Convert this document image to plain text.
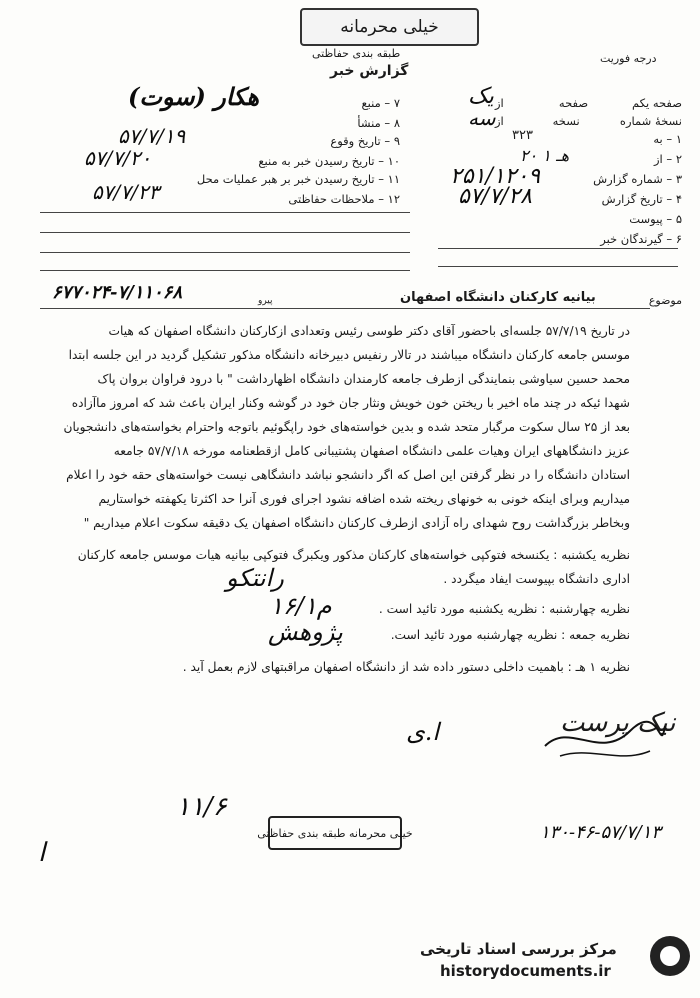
خیلی محرمانه
طبقه بندی حفاظتی
گزارش خبر
درجه فوریت
صفحه یکم            صفحه
یک از
نسخهٔ شماره           نسخه
سه از
۱ – به
۳۲۳
۲ – از
۲۰ هـ ۱
۳ – شماره گزارش
۲۵۱/۱۲۰۹
۴ – تاریخ گزارش
۵۷/۷/۲۸
۵ – پیوست
۶ – گیرندگان خبر
۷ – منبع
هکار (سوت)
۸ – منشأ
۹ – تاریخ وقوع
۵۷/۷/۱۹
۱۰ – تاریخ رسیدن خبر به منبع
۵۷/۷/۲۰
۱۱ – تاریخ رسیدن خبر بر هبر عملیات محل
۱۲ – ملاحظات حفاظتی
۵۷/۷/۲۳
موضوع
بیانیه کارکنان دانشگاه اصفهان
۶۷۷۰۲۴-۷/۱۱۰۶۸	پیرو
در تاریخ ۵۷/۷/۱۹ جلسه‌ای باحضور آقای دکتر طوسی رئیس وتعدادی ازکارکنان دانشگاه اصفهان که هیات
موسس جامعه کارکنان دانشگاه میباشند در تالار رنفیس دبیرخانه دانشگاه مذکور تشکیل گردید در این جلسه ابتدا
محمد حسین سیاوشی بنمایندگی ازطرف جامعه کارمندان دانشگاه اظهارداشت " با درود فراوان بروان پاک
شهدا ئیکه در چند ماه اخیر با ریختن خون خویش ونثار جان خود در گوشه وکنار ایران باعث شد که امروز ماآزاده
بعد از ۲۵ سال سکوت مرگبار متحد شده و بدین خواسته‌های خود راپگوئیم باتوجه واحترام بخواسته‌های دانشجویان
عزیز دانشگاههای ایران وهیات علمی دانشگاه اصفهان پشتیبانی کامل ازقطعنامه مورخه ۵۷/۷/۱۸ جامعه
استادان دانشگاه را در نظر گرفتن این اصل که اگر دانشجو نباشد دانشگاهی نیست خواسته‌های حقه خود را اعلام
میداریم وبرای اینکه خونی به خونهای ریخته شده اضافه نشود اجرای فوری آنرا حد اکثرتا یکهفته خواستاریم
وبخاطر بزرگداشت روح شهدای راه آزادی ازطرف کارکنان دانشگاه اصفهان یک دقیقه سکوت اعلام میداریم "
نظریه یکشنبه : یکنسخه فتوکپی خواسته‌های کارکنان مذکور ویکبرگ فتوکپی بیانیه هیات موسس جامعه کارکنان
اداری دانشگاه بپیوست ایفاد میگردد .
نظریه چهارشنبه : نظریه یکشنبه مورد تائید است .
نظریه جمعه : نظریه چهارشنبه مورد تائید است.
نظریه ۱ هـ : باهمیت داخلی دستور داده شد از دانشگاه اصفهان مراقبتهای لازم بعمل آید .
رانتکو
۱۶/۱م
پژوهش
ا.ی
۱۱/۶
ا
نیک پرست
۱۳۰-۴۶-۵۷/۷/۱۳
خیلی محرمانه طبقه بندی حفاظتی
مرکز بررسی اسناد تاریخی
historydocuments.ir
